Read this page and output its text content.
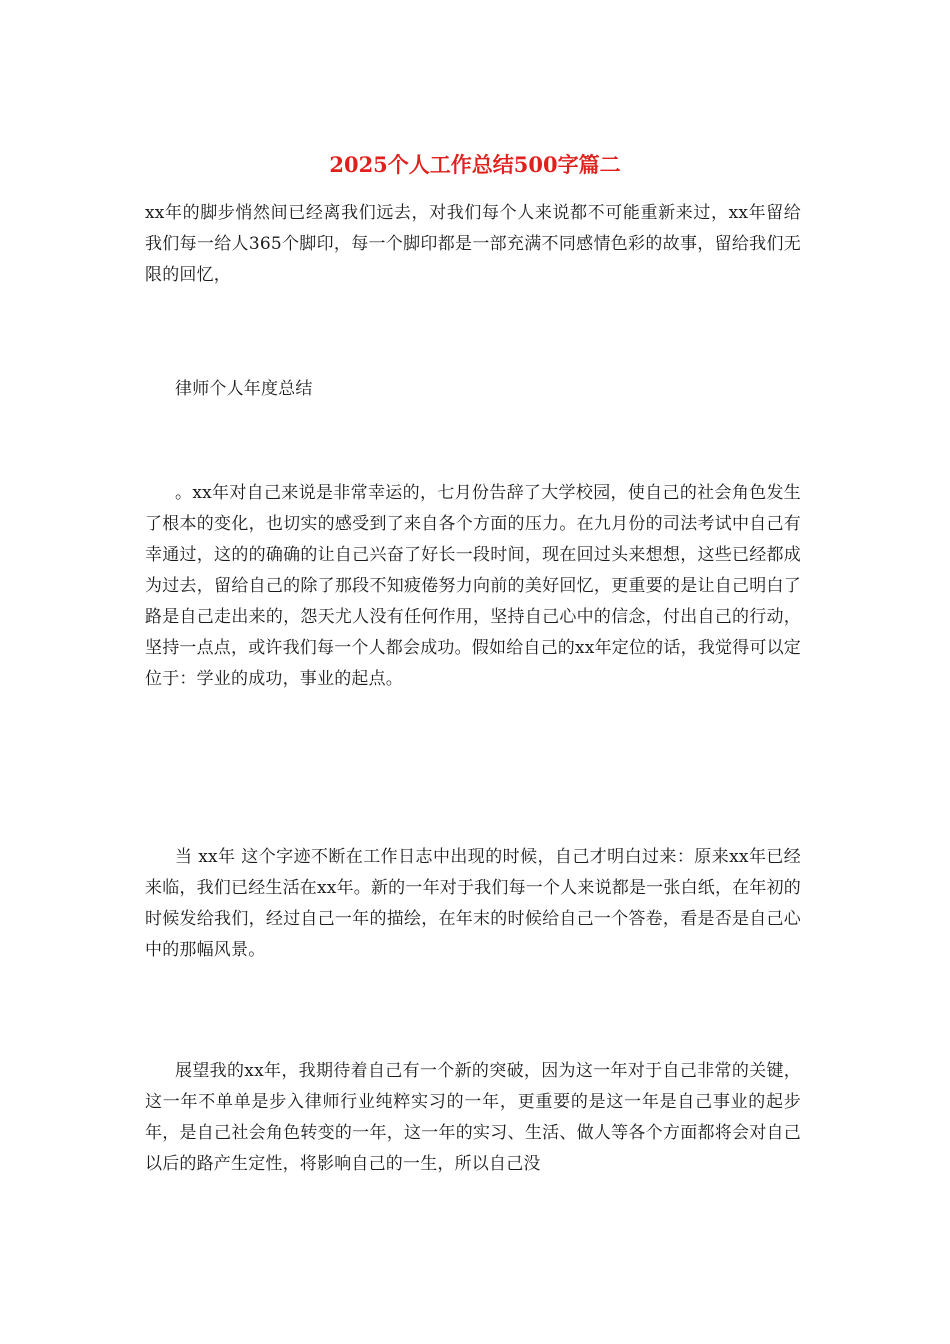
2025个人工作总结500字篇二

xx年的脚步悄然间已经离我们远去，对我们每个人来说都不可能重新来过，xx年留给我们每一给人365个脚印，每一个脚印都是一部充满不同感情色彩的故事，留给我们无限的回忆，

律师个人年度总结

。xx年对自己来说是非常幸运的，七月份告辞了大学校园，使自己的社会角色发生了根本的变化，也切实的感受到了来自各个方面的压力。在九月份的司法考试中自己有幸通过，这的的确确的让自己兴奋了好长一段时间，现在回过头来想想，这些已经都成为过去，留给自己的除了那段不知疲倦努力向前的美好回忆，更重要的是让自己明白了路是自己走出来的，怨天尤人没有任何作用，坚持自己心中的信念，付出自己的行动，坚持一点点，或许我们每一个人都会成功。假如给自己的xx年定位的话，我觉得可以定位于：学业的成功，事业的起点。

当 xx年 这个字迹不断在工作日志中出现的时候，自己才明白过来：原来xx年已经来临，我们已经生活在xx年。新的一年对于我们每一个人来说都是一张白纸，在年初的时候发给我们，经过自己一年的描绘，在年末的时候给自己一个答卷，看是否是自己心中的那幅风景。

展望我的xx年，我期待着自己有一个新的突破，因为这一年对于自己非常的关键，这一年不单单是步入律师行业纯粹实习的一年，更重要的是这一年是自己事业的起步年，是自己社会角色转变的一年，这一年的实习、生活、做人等各个方面都将会对自己以后的路产生定性，将影响自己的一生，所以自己没
